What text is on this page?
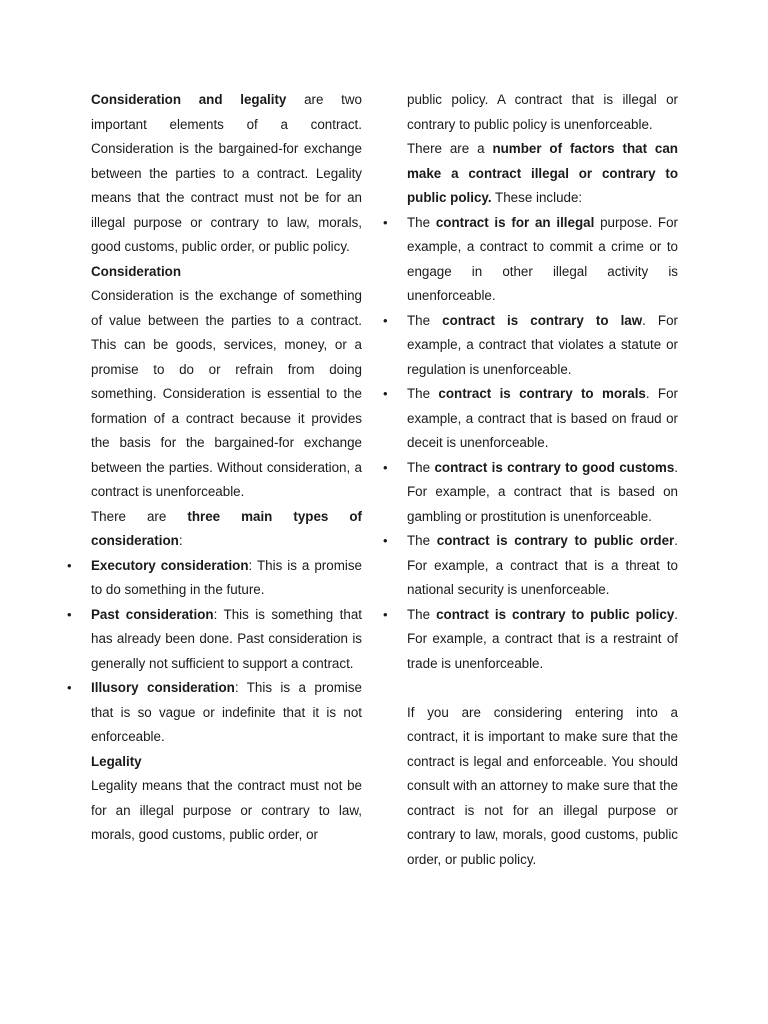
Consideration and legality are two important elements of a contract. Consideration is the bargained-for exchange between the parties to a contract. Legality means that the contract must not be for an illegal purpose or contrary to law, morals, good customs, public order, or public policy.

Consideration

Consideration is the exchange of something of value between the parties to a contract. This can be goods, services, money, or a promise to do or refrain from doing something. Consideration is essential to the formation of a contract because it provides the basis for the bargained-for exchange between the parties. Without consideration, a contract is unenforceable.

There are three main types of consideration:

• Executory consideration: This is a promise to do something in the future.
• Past consideration: This is something that has already been done. Past consideration is generally not sufficient to support a contract.
• Illusory consideration: This is a promise that is so vague or indefinite that it is not enforceable.

Legality

Legality means that the contract must not be for an illegal purpose or contrary to law, morals, good customs, public order, or

public policy. A contract that is illegal or contrary to public policy is unenforceable.

There are a number of factors that can make a contract illegal or contrary to public policy. These include:

• The contract is for an illegal purpose. For example, a contract to commit a crime or to engage in other illegal activity is unenforceable.
• The contract is contrary to law. For example, a contract that violates a statute or regulation is unenforceable.
• The contract is contrary to morals. For example, a contract that is based on fraud or deceit is unenforceable.
• The contract is contrary to good customs. For example, a contract that is based on gambling or prostitution is unenforceable.
• The contract is contrary to public order. For example, a contract that is a threat to national security is unenforceable.
• The contract is contrary to public policy. For example, a contract that is a restraint of trade is unenforceable.

If you are considering entering into a contract, it is important to make sure that the contract is legal and enforceable. You should consult with an attorney to make sure that the contract is not for an illegal purpose or contrary to law, morals, good customs, public order, or public policy.
